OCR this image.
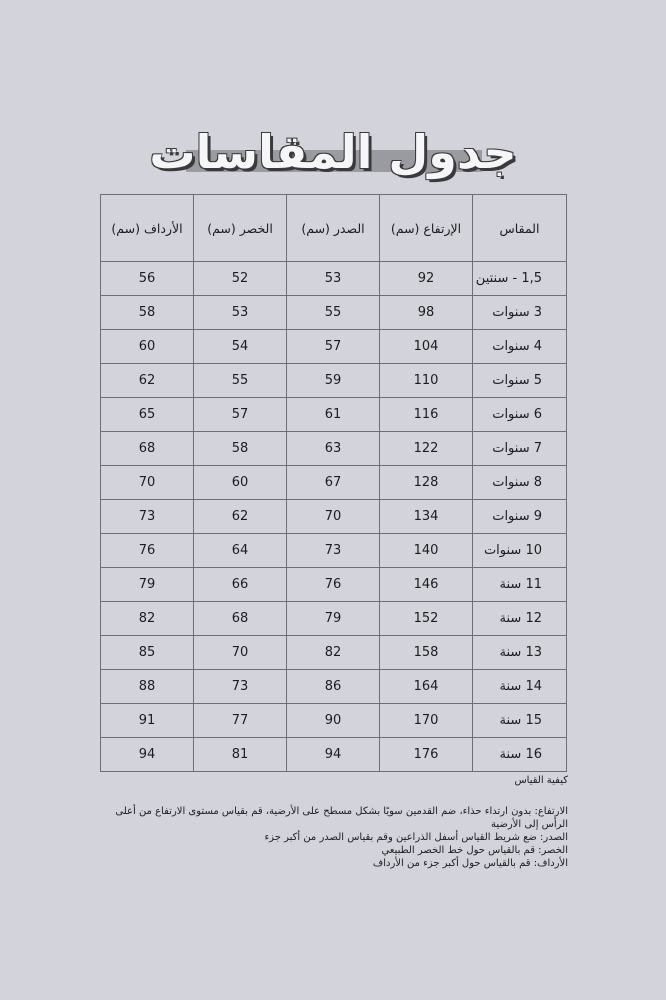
جدول المقاسات
المقاس	الإرتفاع (سم)	الصدر (سم)	الخصر (سم)	الأرداف (سم)
1,5 - سنتين	92	53	52	56
3 سنوات	98	55	53	58
4 سنوات	104	57	54	60
5 سنوات	110	59	55	62
6 سنوات	116	61	57	65
7 سنوات	122	63	58	68
8 سنوات	128	67	60	70
9 سنوات	134	70	62	73
10 سنوات	140	73	64	76
11 سنة	146	76	66	79
12 سنة	152	79	68	82
13 سنة	158	82	70	85
14 سنة	164	86	73	88
15 سنة	170	90	77	91
16 سنة	176	94	81	94
كيفية القياس

الارتفاع: بدون ارتداء حذاء، ضم القدمين سويًا بشكل مسطح على الأرضية، قم بقياس مستوى الارتفاع من أعلى الرأس إلى الأرضية

الصدر: ضع شريط القياس أسفل الذراعين وقم بقياس الصدر من أكبر جزء

الخصر: قم بالقياس حول خط الخصر الطبيعي

الأرداف: قم بالقياس حول أكبر جزء من الأرداف
